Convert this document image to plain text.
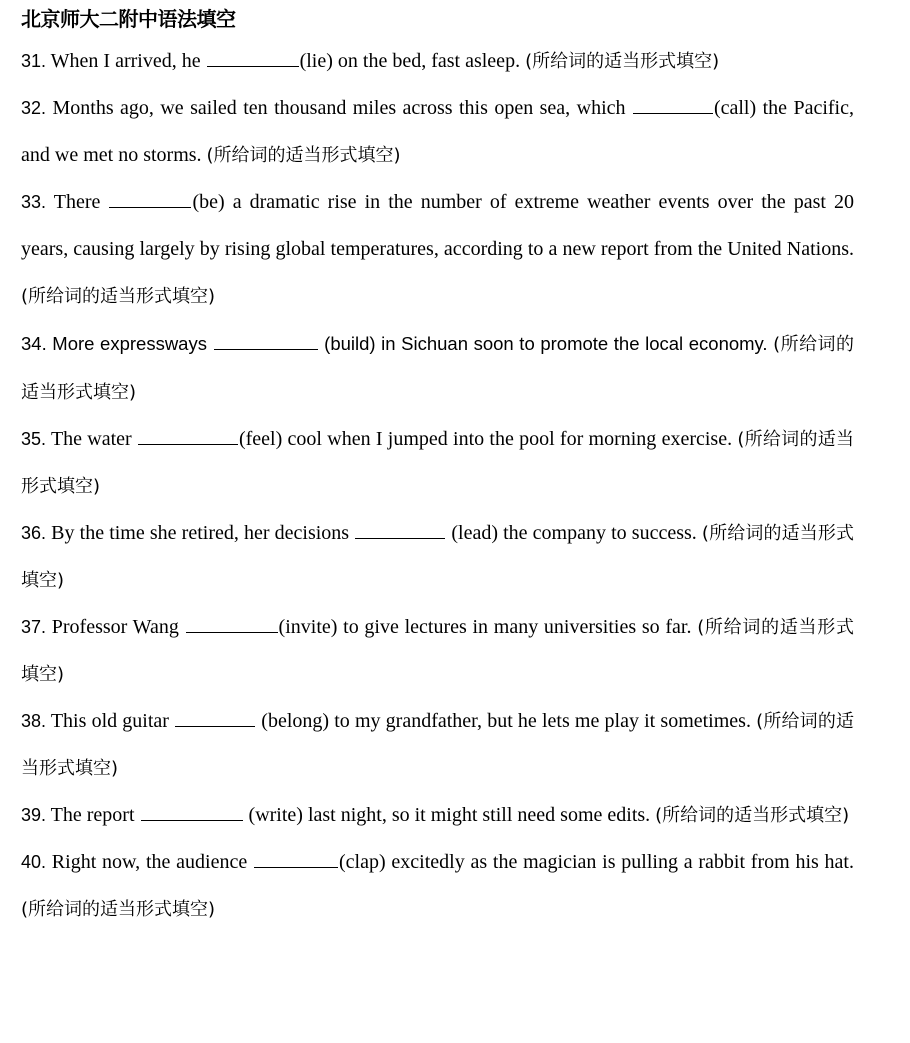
北京师大二附中语法填空

31. When I arrived, he	(lie) on the bed, fast asleep. (所给词的适当形式填空)

32. Months ago, we sailed ten thousand miles across this open sea, which	(call) the Pacific, and we met no storms. (所给词的适当形式填空)

33. There	(be) a dramatic rise in the number of extreme weather events over the past 20 years, causing largely by rising global temperatures, according to a new report from the United Nations. (所给词的适当形式填空)

34. More expressways	(build) in Sichuan soon to promote the local economy. (所给词的适当形式填空)

35. The water	(feel) cool when I jumped into the pool for morning exercise. (所给词的适当形式填空)

36. By the time she retired, her decisions	(lead) the company to success. (所给词的适当形式填空)

37. Professor Wang	(invite) to give lectures in many universities so far. (所给词的适当形式填空)

38. This old guitar	(belong) to my grandfather, but he lets me play it sometimes. (所给词的适当形式填空)

39. The report	(write) last night, so it might still need some edits. (所给词的适当形式填空)

40. Right now, the audience	(clap) excitedly as the magician is pulling a rabbit from his hat. (所给词的适当形式填空)
